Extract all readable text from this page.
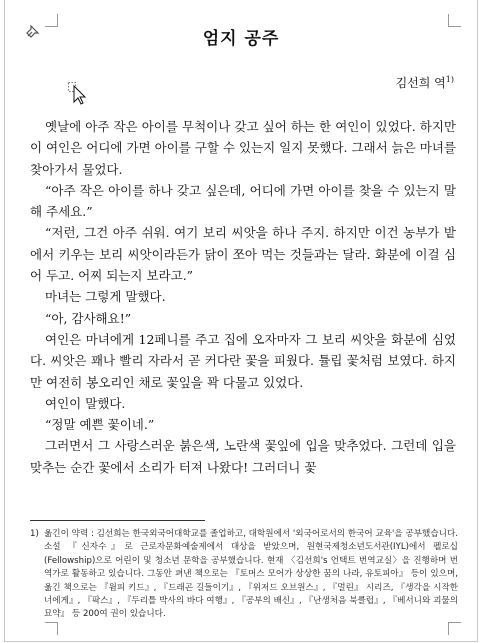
엄지 공주
김선희 역$^{1)}$

옛날에 아주 작은 아이를 무척이나 갖고 싶어 하는 한 여인이 있었다. 하지만 이 여인은 어디에 가면 아이를 구할 수 있는지 일지 못했다. 그래서 늙은 마녀를 찾아가서 물었다.

“아주 작은 아이를 하나 갖고 싶은데, 어디에 가면 아이를 찾을 수 있는지 말해 주세요.”

“저런, 그건 아주 쉬워. 여기 보리 씨앗을 하나 주지. 하지만 이건 농부가 밭에서 키우는 보리 씨앗이라든가 닭이 쪼아 먹는 것들과는 달라. 화분에 이걸 심어 두고. 어찌 되는지 보라고.”

마녀는 그렇게 말했다.

“아, 감사해요!”

여인은 마녀에게 12페니를 주고 집에 오자마자 그 보리 씨앗을 화분에 심었다. 씨앗은 꽤나 빨리 자라서 곧 커다란 꽃을 피웠다. 튤립 꽃처럼 보였다. 하지만 여전히 봉오리인 채로 꽃잎을 꽉 다물고 있었다.

여인이 말했다.

“정말 예쁜 꽃이네.”

그러면서 그 사랑스러운 붉은색, 노란색 꽃잎에 입을 맞추었다. 그런데 입을 맞추는 순간 꽃에서 소리가 터져 나왔다! 그러더니 꽃

1) 옮긴이 약력 : 김선희는 한국외국어대학교를 졸업하고, 대학원에서 '외국어로서의 한국어 교육'을 공부했습니다. 소설 『신자수』로 근로자문화예술제에서 대상을 받았으며, 원현국제청소년도서관(IYL)에서 펠로십(Fellowship)으로 어린이 및 청소년 문학을 공부했습니다. 현재 〈김선희's 언택트 번역교실〉을 진행하며 번역가로 활동하고 있습니다. 그동안 펴낸 책으로는 『토머스 모어가 상상한 꿈의 나라, 유토피아』 등이 있으며, 옮긴 책으로는 『윔피 키드』, 『드래곤 길들이기』, 『위저드 오브원스』, 『멀린』 시리즈, 『생각을 시작한 너에게』, 『팍스』, 『두리틀 박사의 바다 여행』, 『공부의 배신』, 『난생처음 북클럽』, 『베서니와 괴물의 묘약』 등 200여 권이 있습니다.
